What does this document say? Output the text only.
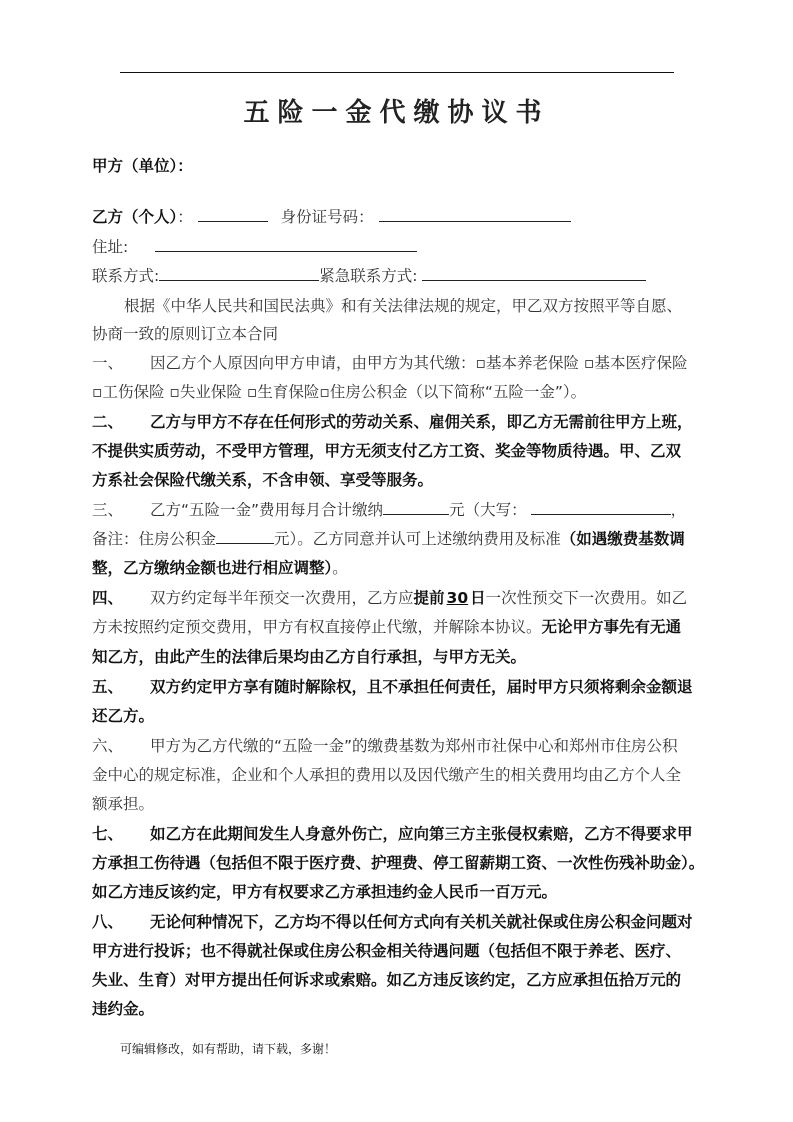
五险一金代缴协议书
甲方（单位）：
乙方（个人）：	身份证号码：
住址:
联系方式:	紧急联系方式:
根据《中华人民共和国民法典》和有关法律法规的规定，甲乙双方按照平等自愿、
协商一致的原则订立本合同
一、 因乙方个人原因向甲方申请，由甲方为其代缴：▫基本养老保险 ▫基本医疗保险
▫工伤保险 ▫失业保险 ▫生育保险▫住房公积金（以下简称“五险一金”）。
二、 乙方与甲方不存在任何形式的劳动关系、雇佣关系，即乙方无需前往甲方上班，
不提供实质劳动，不受甲方管理，甲方无须支付乙方工资、奖金等物质待遇。甲、乙双
方系社会保险代缴关系，不含申领、享受等服务。
三、 乙方“五险一金”费用每月合计缴纳	元（大写：	，
备注：住房公积金	元）。乙方同意并认可上述缴纳费用及标准（如遇缴费基数调
整，乙方缴纳金额也进行相应调整）。
四、 双方约定每半年预交一次费用，乙方应提前 30 日一次性预交下一次费用。如乙
方未按照约定预交费用，甲方有权直接停止代缴，并解除本协议。无论甲方事先有无通
知乙方，由此产生的法律后果均由乙方自行承担，与甲方无关。
五、 双方约定甲方享有随时解除权，且不承担任何责任，届时甲方只须将剩余金额退
还乙方。
六、 甲方为乙方代缴的“五险一金”的缴费基数为郑州市社保中心和郑州市住房公积
金中心的规定标准，企业和个人承担的费用以及因代缴产生的相关费用均由乙方个人全
额承担。
七、 如乙方在此期间发生人身意外伤亡，应向第三方主张侵权索赔，乙方不得要求甲
方承担工伤待遇（包括但不限于医疗费、护理费、停工留薪期工资、一次性伤残补助金）。
如乙方违反该约定，甲方有权要求乙方承担违约金人民币一百万元。
八、 无论何种情况下，乙方均不得以任何方式向有关机关就社保或住房公积金问题对
甲方进行投诉；也不得就社保或住房公积金相关待遇问题（包括但不限于养老、医疗、
失业、生育）对甲方提出任何诉求或索赔。如乙方违反该约定，乙方应承担伍拾万元的
违约金。
可编辑修改，如有帮助，请下载，多谢！
